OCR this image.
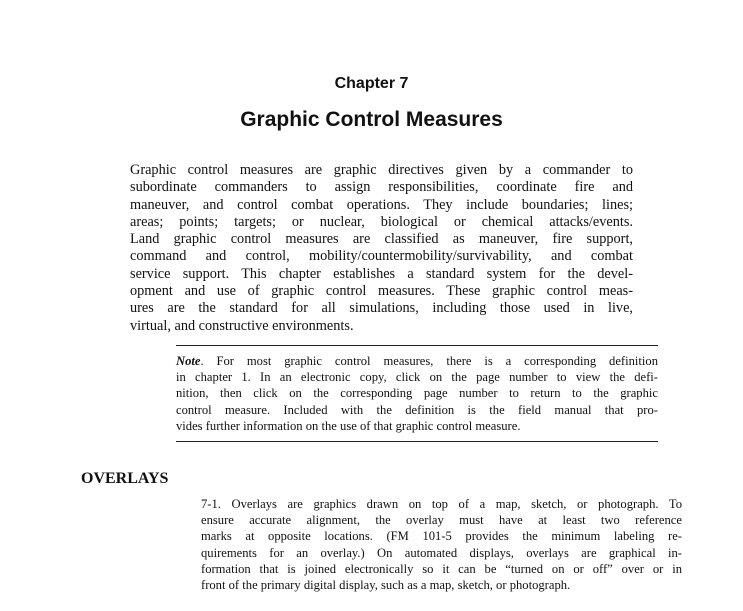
Chapter 7
Graphic Control Measures
Graphic control measures are graphic directives given by a commander to
subordinate commanders to assign responsibilities, coordinate fire and
maneuver, and control combat operations. They include boundaries; lines;
areas; points; targets; or nuclear, biological or chemical attacks/events.
Land graphic control measures are classified as maneuver, fire support,
command and control, mobility/countermobility/survivability, and combat
service support. This chapter establishes a standard system for the devel-
opment and use of graphic control measures. These graphic control meas-
ures are the standard for all simulations, including those used in live,
virtual, and constructive environments.
Note. For most graphic control measures, there is a corresponding definition
in chapter 1. In an electronic copy, click on the page number to view the defi-
nition, then click on the corresponding page number to return to the graphic
control measure. Included with the definition is the field manual that pro-
vides further information on the use of that graphic control measure.
OVERLAYS
7-1. Overlays are graphics drawn on top of a map, sketch, or photograph. To
ensure accurate alignment, the overlay must have at least two reference
marks at opposite locations. (FM 101-5 provides the minimum labeling re-
quirements for an overlay.) On automated displays, overlays are graphical in-
formation that is joined electronically so it can be “turned on or off” over or in
front of the primary digital display, such as a map, sketch, or photograph.
